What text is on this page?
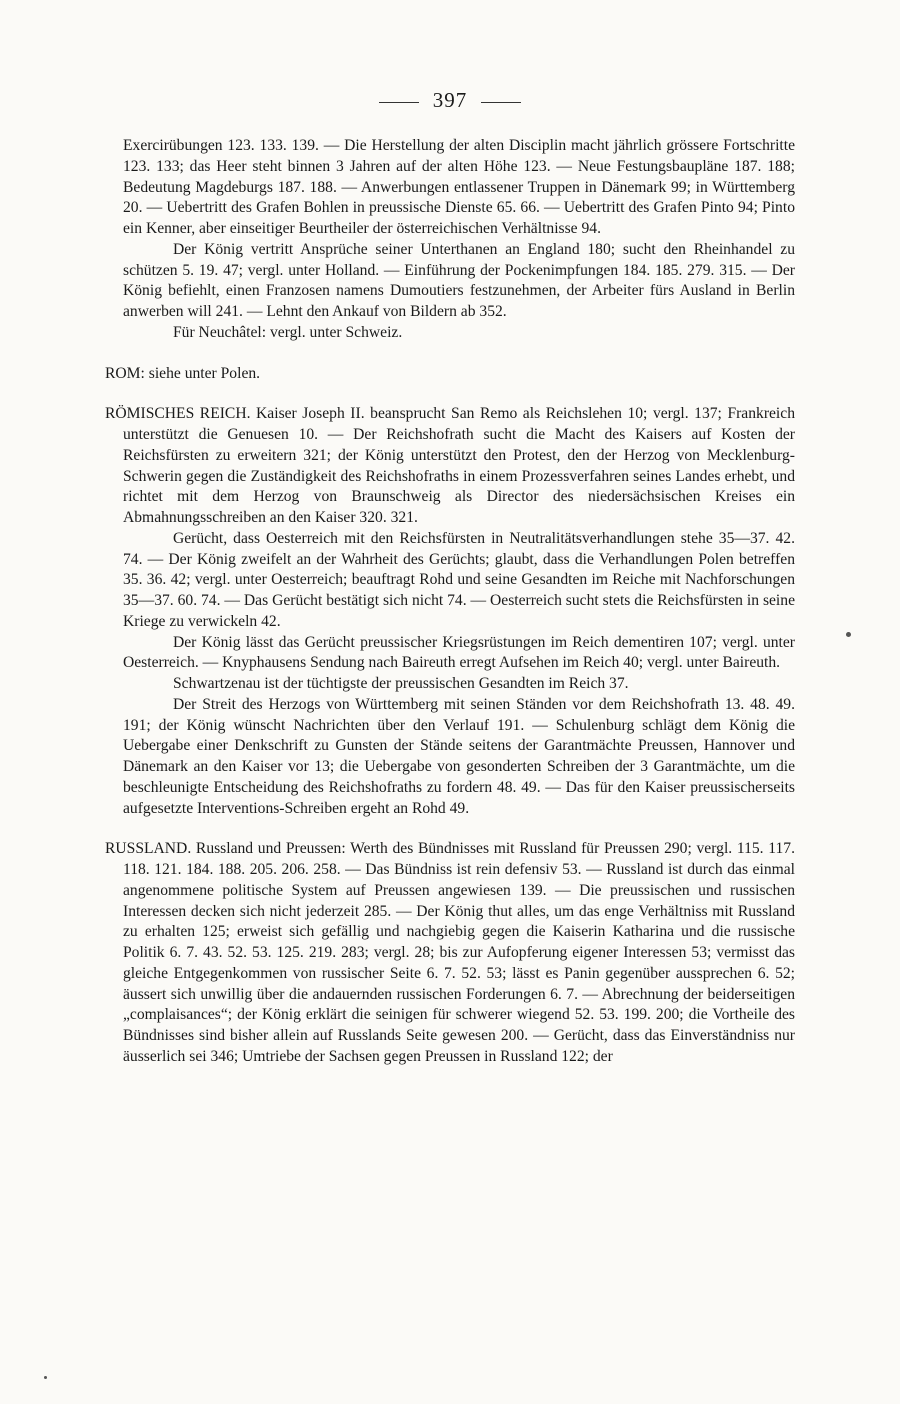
397

Exercirübungen 123. 133. 139. — Die Herstellung der alten Disciplin macht jährlich grössere Fortschritte 123. 133; das Heer steht binnen 3 Jahren auf der alten Höhe 123. — Neue Festungsbaupläne 187. 188; Bedeutung Magdeburgs 187. 188. — Anwerbungen entlassener Truppen in Dänemark 99; in Württemberg 20. — Uebertritt des Grafen Bohlen in preussische Dienste 65. 66. — Uebertritt des Grafen Pinto 94; Pinto ein Kenner, aber einseitiger Beurtheiler der österreichischen Verhältnisse 94.

Der König vertritt Ansprüche seiner Unterthanen an England 180; sucht den Rheinhandel zu schützen 5. 19. 47; vergl. unter Holland. — Einführung der Pockenimpfungen 184. 185. 279. 315. — Der König befiehlt, einen Franzosen namens Dumoutiers festzunehmen, der Arbeiter fürs Ausland in Berlin anwerben will 241. — Lehnt den Ankauf von Bildern ab 352.

Für Neuchâtel: vergl. unter Schweiz.

ROM: siehe unter Polen.

RÖMISCHES REICH. Kaiser Joseph II. beansprucht San Remo als Reichslehen 10; vergl. 137; Frankreich unterstützt die Genuesen 10. — Der Reichshofrath sucht die Macht des Kaisers auf Kosten der Reichsfürsten zu erweitern 321; der König unterstützt den Protest, den der Herzog von Mecklenburg-Schwerin gegen die Zuständigkeit des Reichshofraths in einem Prozessverfahren seines Landes erhebt, und richtet mit dem Herzog von Braunschweig als Director des niedersächsischen Kreises ein Abmahnungsschreiben an den Kaiser 320. 321.

Gerücht, dass Oesterreich mit den Reichsfürsten in Neutralitätsverhandlungen stehe 35—37. 42. 74. — Der König zweifelt an der Wahrheit des Gerüchts; glaubt, dass die Verhandlungen Polen betreffen 35. 36. 42; vergl. unter Oesterreich; beauftragt Rohd und seine Gesandten im Reiche mit Nachforschungen 35—37. 60. 74. — Das Gerücht bestätigt sich nicht 74. — Oesterreich sucht stets die Reichsfürsten in seine Kriege zu verwickeln 42.

Der König lässt das Gerücht preussischer Kriegsrüstungen im Reich dementiren 107; vergl. unter Oesterreich. — Knyphausens Sendung nach Baireuth erregt Aufsehen im Reich 40; vergl. unter Baireuth.

Schwartzenau ist der tüchtigste der preussischen Gesandten im Reich 37.

Der Streit des Herzogs von Württemberg mit seinen Ständen vor dem Reichshofrath 13. 48. 49. 191; der König wünscht Nachrichten über den Verlauf 191. — Schulenburg schlägt dem König die Uebergabe einer Denkschrift zu Gunsten der Stände seitens der Garantmächte Preussen, Hannover und Dänemark an den Kaiser vor 13; die Uebergabe von gesonderten Schreiben der 3 Garantmächte, um die beschleunigte Entscheidung des Reichshofraths zu fordern 48. 49. — Das für den Kaiser preussischerseits aufgesetzte Interventions-Schreiben ergeht an Rohd 49.

RUSSLAND. Russland und Preussen: Werth des Bündnisses mit Russland für Preussen 290; vergl. 115. 117. 118. 121. 184. 188. 205. 206. 258. — Das Bündniss ist rein defensiv 53. — Russland ist durch das einmal angenommene politische System auf Preussen angewiesen 139. — Die preussischen und russischen Interessen decken sich nicht jederzeit 285. — Der König thut alles, um das enge Verhältniss mit Russland zu erhalten 125; erweist sich gefällig und nachgiebig gegen die Kaiserin Katharina und die russische Politik 6. 7. 43. 52. 53. 125. 219. 283; vergl. 28; bis zur Aufopferung eigener Interessen 53; vermisst das gleiche Entgegenkommen von russischer Seite 6. 7. 52. 53; lässt es Panin gegenüber aussprechen 6. 52; äussert sich unwillig über die andauernden russischen Forderungen 6. 7. — Abrechnung der beiderseitigen „complaisances“; der König erklärt die seinigen für schwerer wiegend 52. 53. 199. 200; die Vortheile des Bündnisses sind bisher allein auf Russlands Seite gewesen 200. — Gerücht, dass das Einverständniss nur äusserlich sei 346; Umtriebe der Sachsen gegen Preussen in Russland 122; der
